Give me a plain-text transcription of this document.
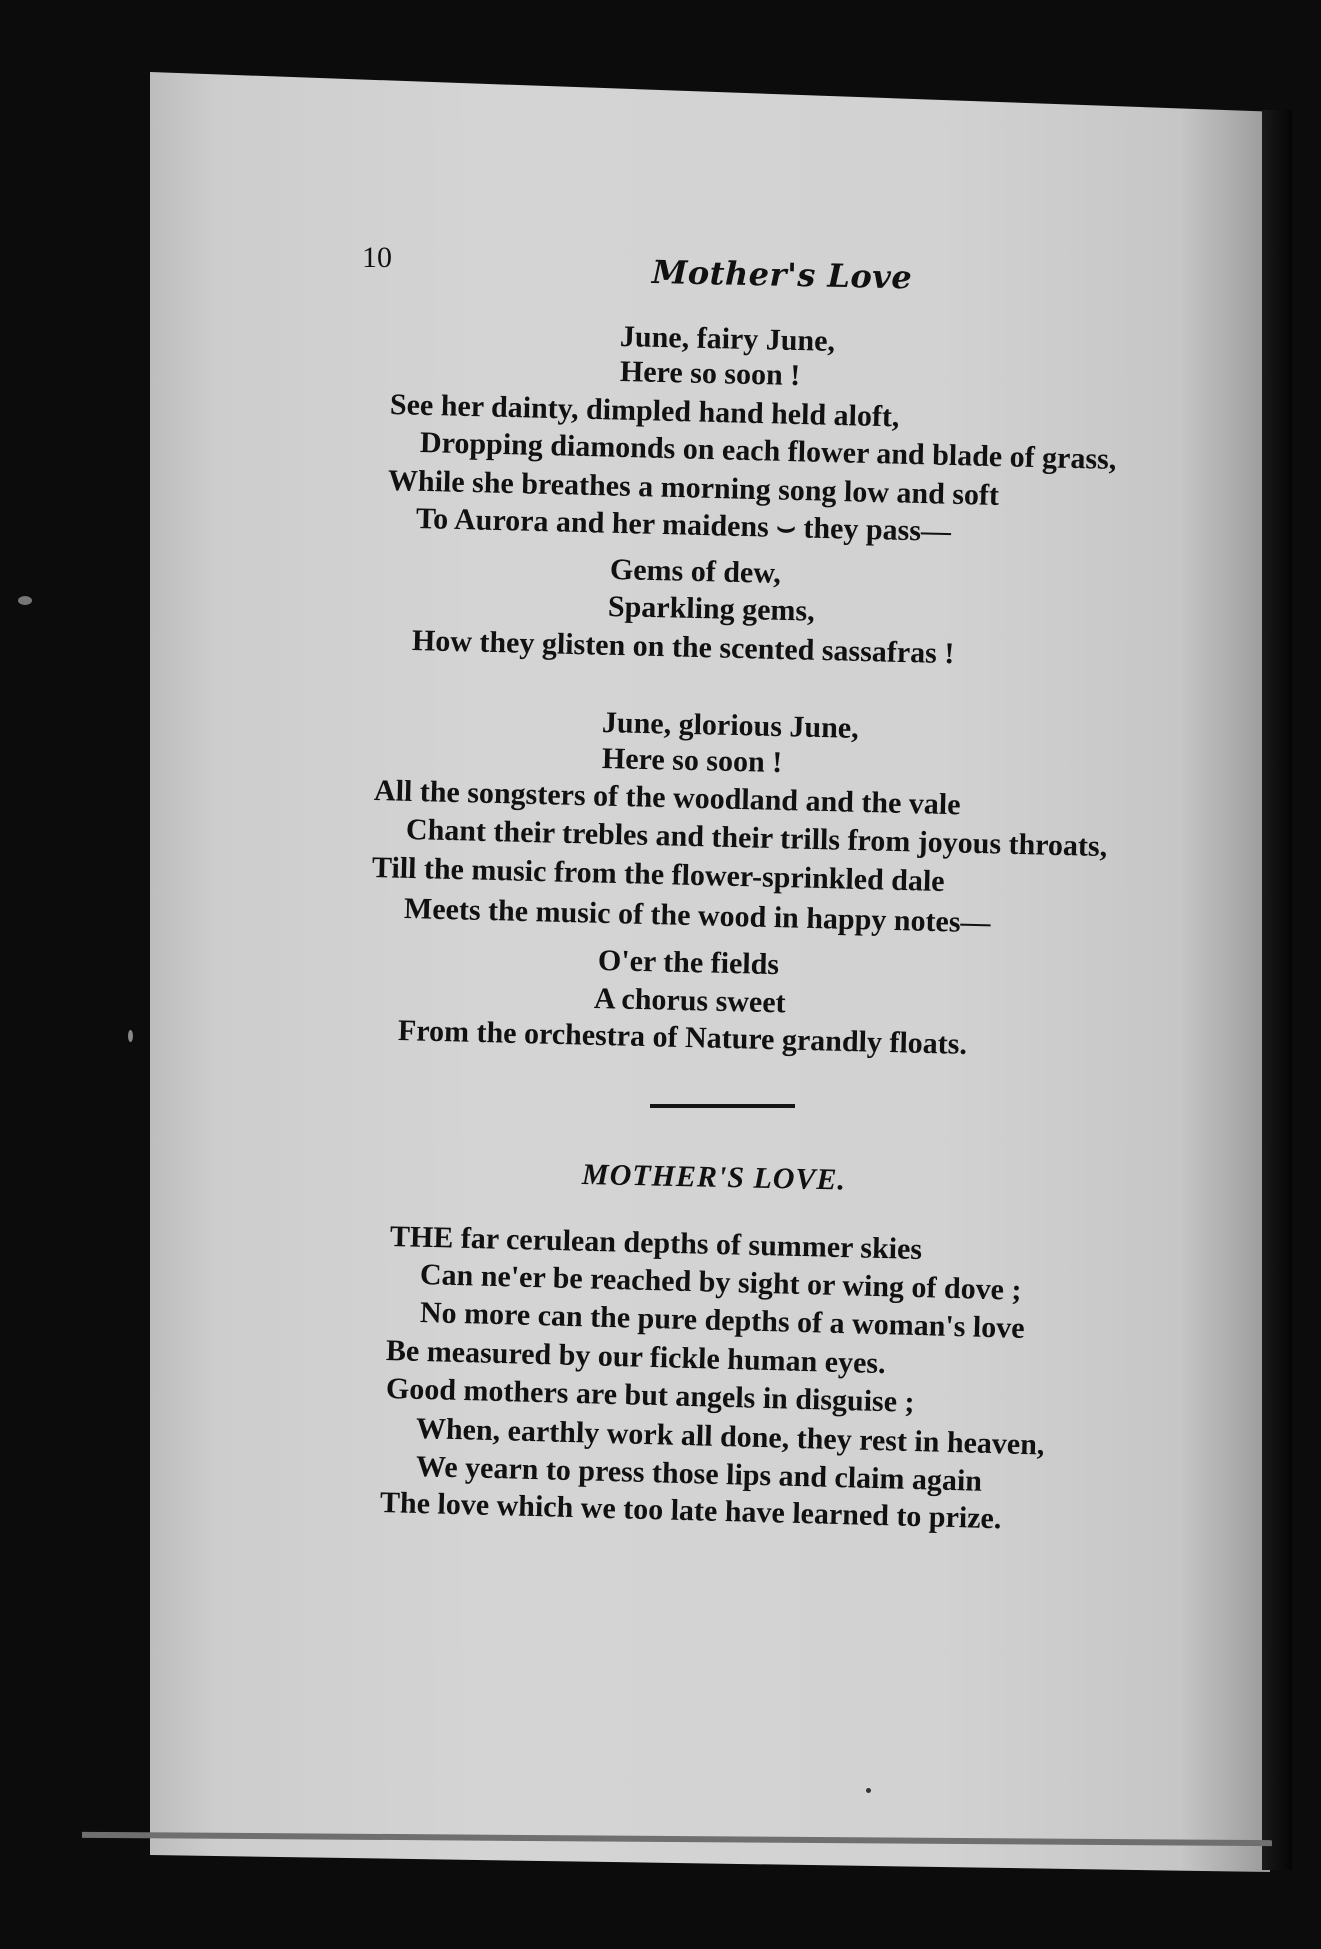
10	Mother's Love
June, fairy June,
Here so soon !
See her dainty, dimpled hand held aloft,
Dropping diamonds on each flower and blade of grass,
While she breathes a morning song low and soft
To Aurora and her maidens ⌣ they pass—
Gems of dew,
Sparkling gems,
How they glisten on the scented sassafras !
June, glorious June,
Here so soon !
All the songsters of the woodland and the vale
Chant their trebles and their trills from joyous throats,
Till the music from the flower-sprinkled dale
Meets the music of the wood in happy notes—
O'er the fields
A chorus sweet
From the orchestra of Nature grandly floats.
MOTHER'S LOVE.
THE far cerulean depths of summer skies
Can ne'er be reached by sight or wing of dove ;
No more can the pure depths of a woman's love
Be measured by our fickle human eyes.
Good mothers are but angels in disguise ;
When, earthly work all done, they rest in heaven,
We yearn to press those lips and claim again
The love which we too late have learned to prize.
